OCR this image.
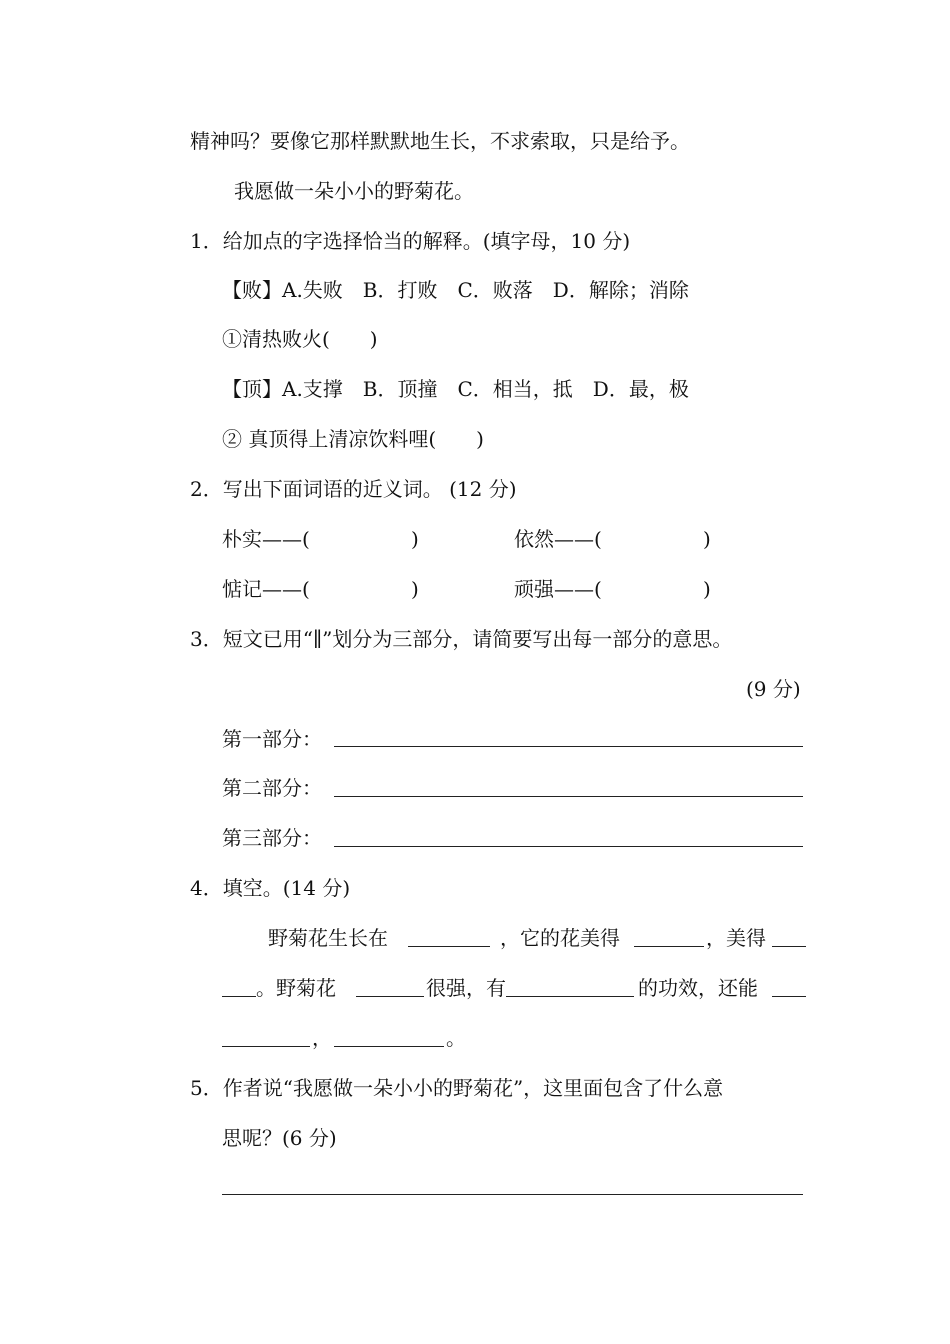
精神吗？要像它那样默默地生长，不求索取，只是给予。
我愿做一朵小小的野菊花。
1．给加点的字选择恰当的解释。(填字母，10 分)
【败】A.失败　B．打败　C．败落　D．解除；消除
①清热败火(　　)
【顶】A.支撑　B．顶撞　C．相当，抵　D．最，极
② 真顶得上清凉饮料哩(　　)
2．写出下面词语的近义词。 (12 分)
朴实——(	)	依然——(	)
惦记——(	)	顽强——(	)
3．短文已用“∥”划分为三部分，请简要写出每一部分的意思。
(9 分)
第一部分：
第二部分：
第三部分：
4．填空。(14 分)
野菊花生长在	，它的花美得	，美得
。野菊花	很强，有	的功效，还能
，	。
5．作者说“我愿做一朵小小的野菊花”，这里面包含了什么意
思呢？(6 分)
